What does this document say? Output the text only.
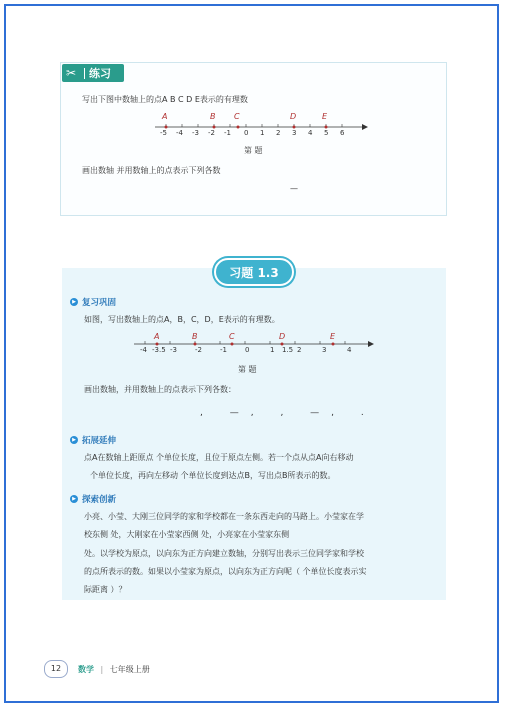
✂	练习
写出下图中数轴上的点A B C D E表示的有理数
A	B C	D	E
-5 -4 -3 -2 -1 0 1 2 3 4 5 6
第 题
画出数轴 并用数轴上的点表示下列各数
—
习题 1.3
▶ 复习巩固
如图，写出数轴上的点A，B，C，D，E表示的有理数。
A	B	C	D	E
-4 -3.5 -3	-2	-1	0	1 1.5 2	3	4
第 题
画出数轴，并用数轴上的点表示下列各数：
, —, , —, .
▶ 拓展延伸
点A在数轴上距原点 个单位长度，且位于原点左侧。若一个点从点A向右移动
个单位长度，再向左移动 个单位长度到达点B，写出点B所表示的数。
▶ 探索创新
小亮、小莹、大刚三位同学的家和学校都在一条东西走向的马路上。小莹家在学
校东侧 处，大刚家在小莹家西侧 处，小亮家在小莹家东侧
处。以学校为原点，以向东为正方向建立数轴，分别写出表示三位同学家和学校
的点所表示的数。如果以小莹家为原点，以向东为正方向呢（ 个单位长度表示实
际距离 ）？
12	数学 | 七年级上册
